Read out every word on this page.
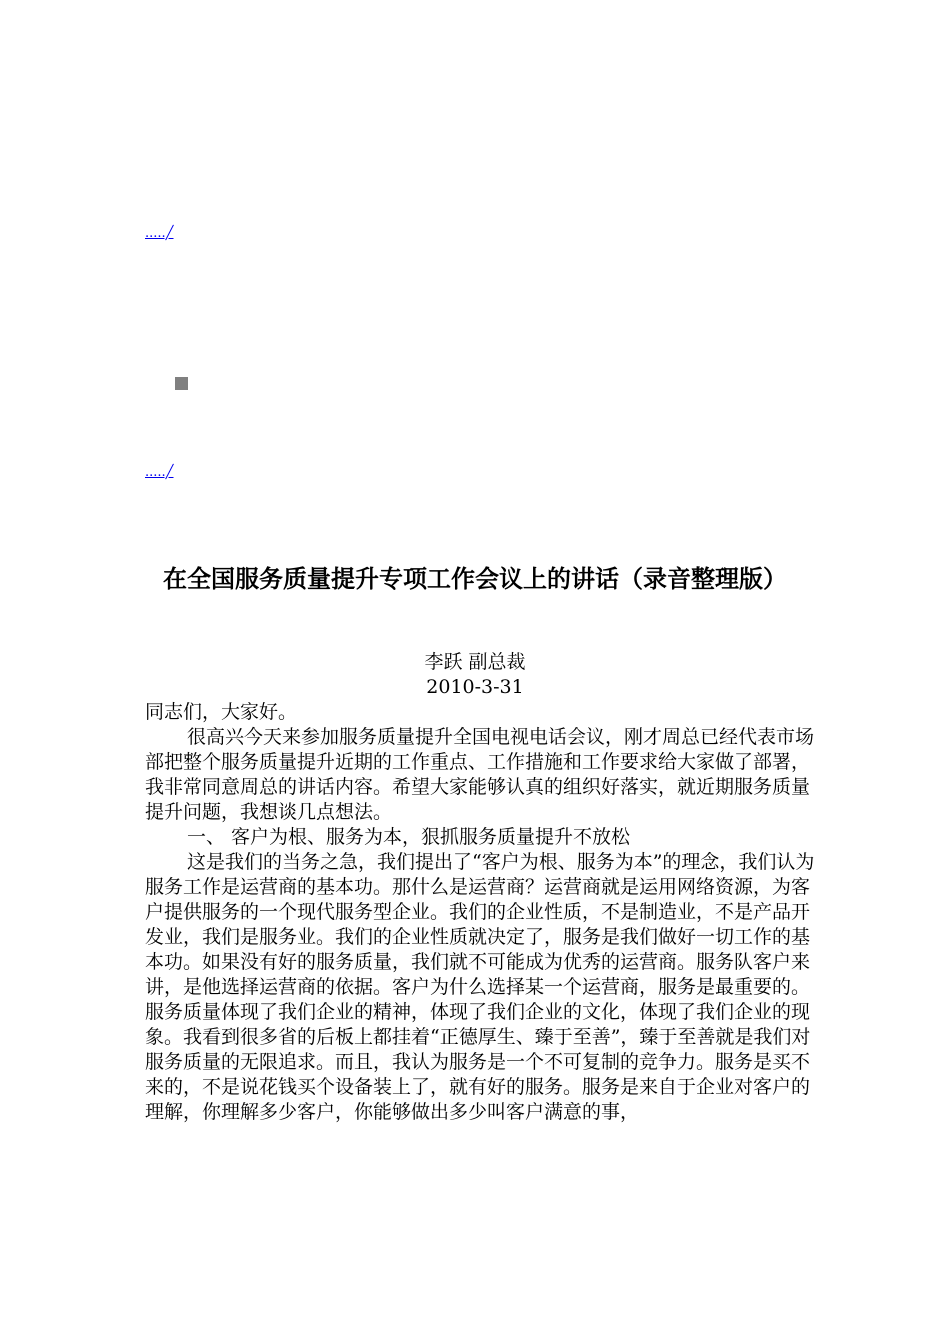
.....╱
.....╱
在全国服务质量提升专项工作会议上的讲话（录音整理版）
李跃 副总裁
2010-3-31

同志们，大家好。

很高兴今天来参加服务质量提升全国电视电话会议，刚才周总已经代表市场部把整个服务质量提升近期的工作重点、工作措施和工作要求给大家做了部署，我非常同意周总的讲话内容。希望大家能够认真的组织好落实，就近期服务质量提升问题，我想谈几点想法。

一、 客户为根、服务为本，狠抓服务质量提升不放松

这是我们的当务之急，我们提出了“客户为根、服务为本”的理念，我们认为服务工作是运营商的基本功。那什么是运营商？运营商就是运用网络资源，为客户提供服务的一个现代服务型企业。我们的企业性质，不是制造业，不是产品开发业，我们是服务业。我们的企业性质就决定了，服务是我们做好一切工作的基本功。如果没有好的服务质量，我们就不可能成为优秀的运营商。服务队客户来讲，是他选择运营商的依据。客户为什么选择某一个运营商，服务是最重要的。服务质量体现了我们企业的精神，体现了我们企业的文化，体现了我们企业的现象。我看到很多省的后板上都挂着“正德厚生、臻于至善”，臻于至善就是我们对服务质量的无限追求。而且，我认为服务是一个不可复制的竞争力。服务是买不来的，不是说花钱买个设备装上了，就有好的服务。服务是来自于企业对客户的理解，你理解多少客户，你能够做出多少叫客户满意的事，
